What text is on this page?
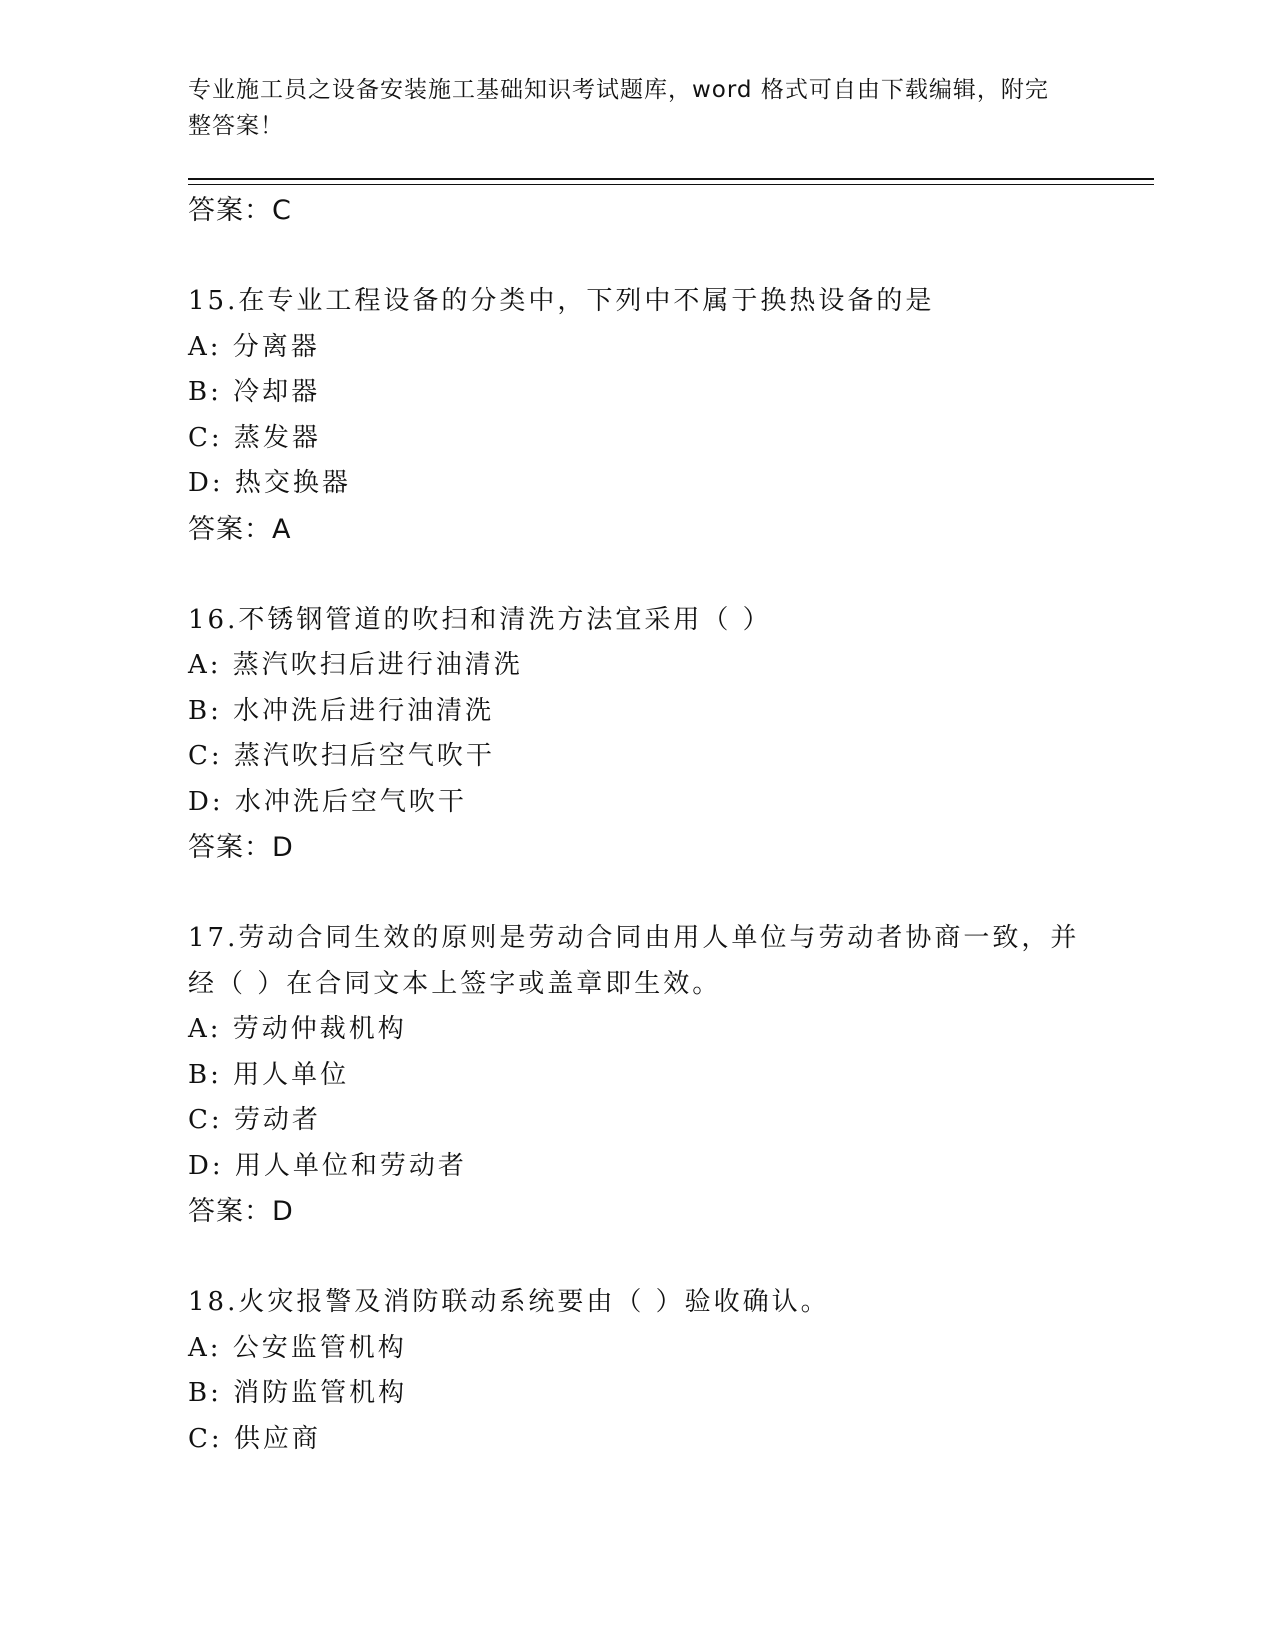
专业施工员之设备安装施工基础知识考试题库，word 格式可自由下载编辑，附完
整答案！
答案：C
15.在专业工程设备的分类中，下列中不属于换热设备的是
A: 分离器
B: 冷却器
C: 蒸发器
D: 热交换器
答案：A
16.不锈钢管道的吹扫和清洗方法宜采用（ ）
A: 蒸汽吹扫后进行油清洗
B: 水冲洗后进行油清洗
C: 蒸汽吹扫后空气吹干
D: 水冲洗后空气吹干
答案：D
17.劳动合同生效的原则是劳动合同由用人单位与劳动者协商一致，并
经（ ）在合同文本上签字或盖章即生效。
A: 劳动仲裁机构
B: 用人单位
C: 劳动者
D: 用人单位和劳动者
答案：D
18.火灾报警及消防联动系统要由（ ）验收确认。
A: 公安监管机构
B: 消防监管机构
C: 供应商
